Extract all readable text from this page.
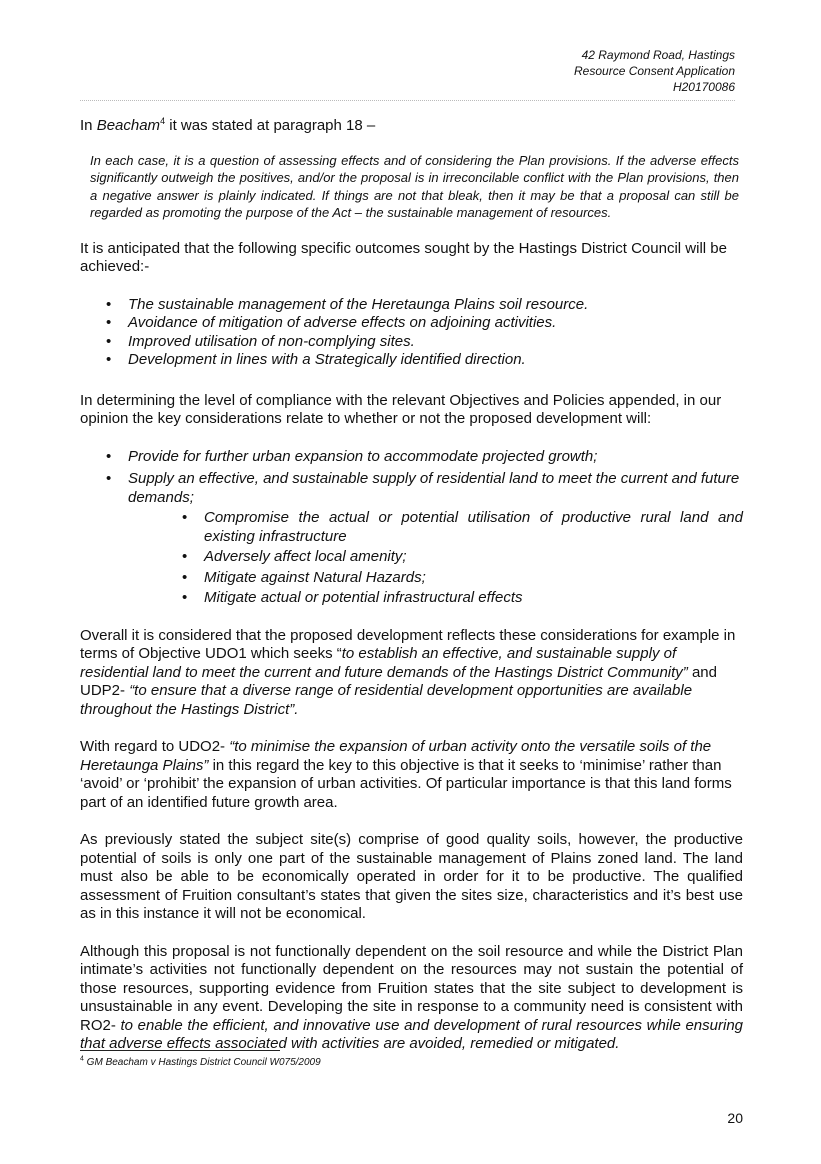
42 Raymond Road, Hastings
Resource Consent Application
H20170086

In Beacham$^4$ it was stated at paragraph 18 –

In each case, it is a question of assessing effects and of considering the Plan provisions. If the adverse effects significantly outweigh the positives, and/or the proposal is in irreconcilable conflict with the Plan provisions, then a negative answer is plainly indicated. If things are not that bleak, then it may be that a proposal can still be regarded as promoting the purpose of the Act – the sustainable management of resources.

It is anticipated that the following specific outcomes sought by the Hastings District Council will be achieved:-

• The sustainable management of the Heretaunga Plains soil resource.
• Avoidance of mitigation of adverse effects on adjoining activities.
• Improved utilisation of non-complying sites.
• Development in lines with a Strategically identified direction.

In determining the level of compliance with the relevant Objectives and Policies appended, in our opinion the key considerations relate to whether or not the proposed development will:

• Provide for further urban expansion to accommodate projected growth;
• Supply an effective, and sustainable supply of residential land to meet the current and future demands;
• Compromise the actual or potential utilisation of productive rural land and existing infrastructure
• Adversely affect local amenity;
• Mitigate against Natural Hazards;
• Mitigate actual or potential infrastructural effects

Overall it is considered that the proposed development reflects these considerations for example in terms of Objective UDO1 which seeks “to establish an effective, and sustainable supply of residential land to meet the current and future demands of the Hastings District Community” and UDP2- “to ensure that a diverse range of residential development opportunities are available throughout the Hastings District”.

With regard to UDO2- “to minimise the expansion of urban activity onto the versatile soils of the Heretaunga Plains” in this regard the key to this objective is that it seeks to ‘minimise’ rather than ‘avoid’ or ‘prohibit’ the expansion of urban activities. Of particular importance is that this land forms part of an identified future growth area.

As previously stated the subject site(s) comprise of good quality soils, however, the productive potential of soils is only one part of the sustainable management of Plains zoned land. The land must also be able to be economically operated in order for it to be productive. The qualified assessment of Fruition consultant’s states that given the sites size, characteristics and it’s best use as in this instance it will not be economical.

Although this proposal is not functionally dependent on the soil resource and while the District Plan intimate’s activities not functionally dependent on the resources may not sustain the potential of those resources, supporting evidence from Fruition states that the site subject to development is unsustainable in any event. Developing the site in response to a community need is consistent with RO2- to enable the efficient, and innovative use and development of rural resources while ensuring that adverse effects associated with activities are avoided, remedied or mitigated.

$^4$ GM Beacham v Hastings District Council W075/2009
20
